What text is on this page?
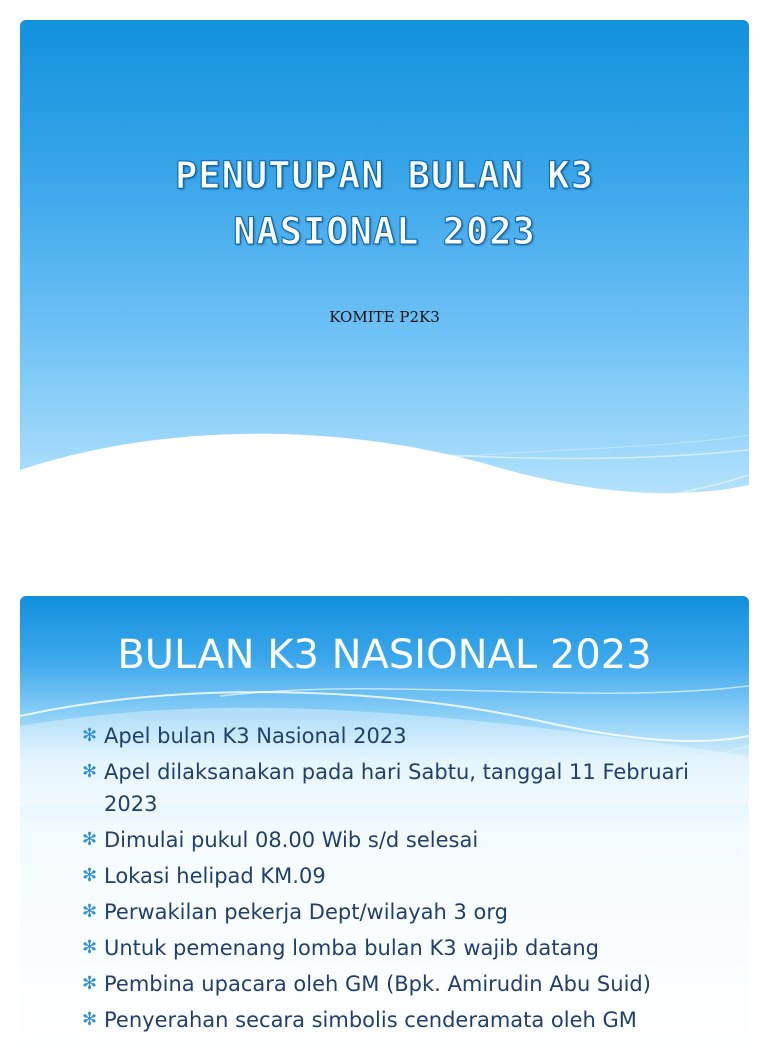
PENUTUPAN BULAN K3
NASIONAL 2023

KOMITE P2K3

BULAN K3 NASIONAL 2023
✻ Apel bulan K3 Nasional 2023
✻ Apel dilaksanakan pada hari Sabtu, tanggal 11 Februari 2023
✻ Dimulai pukul 08.00 Wib s/d selesai
✻ Lokasi helipad KM.09
✻ Perwakilan pekerja Dept/wilayah 3 org
✻ Untuk pemenang lomba bulan K3 wajib datang
✻ Pembina upacara oleh GM (Bpk. Amirudin Abu Suid)
✻ Penyerahan secara simbolis cenderamata oleh GM
